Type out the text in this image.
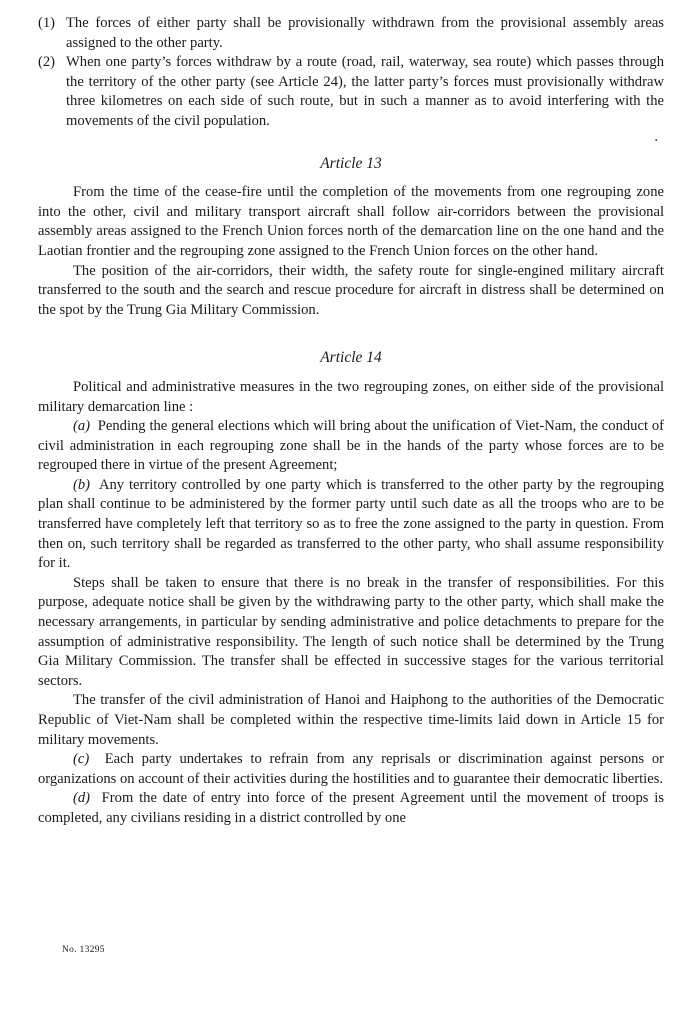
(1) The forces of either party shall be provisionally withdrawn from the provisional assembly areas assigned to the other party.
(2) When one party’s forces withdraw by a route (road, rail, waterway, sea route) which passes through the territory of the other party (see Article 24), the latter party’s forces must provisionally withdraw three kilometres on each side of such route, but in such a manner as to avoid interfering with the movements of the civil population.
.
Article 13

From the time of the cease-fire until the completion of the movements from one regrouping zone into the other, civil and military transport aircraft shall follow air-corridors between the provisional assembly areas assigned to the French Union forces north of the demarcation line on the one hand and the Laotian frontier and the regrouping zone assigned to the French Union forces on the other hand.

The position of the air-corridors, their width, the safety route for single-engined military aircraft transferred to the south and the search and rescue procedure for aircraft in distress shall be determined on the spot by the Trung Gia Military Commission.

Article 14

Political and administrative measures in the two regrouping zones, on either side of the provisional military demarcation line :

(a) Pending the general elections which will bring about the unification of Viet-Nam, the conduct of civil administration in each regrouping zone shall be in the hands of the party whose forces are to be regrouped there in virtue of the present Agreement;

(b) Any territory controlled by one party which is transferred to the other party by the regrouping plan shall continue to be administered by the former party until such date as all the troops who are to be transferred have completely left that territory so as to free the zone assigned to the party in question. From then on, such territory shall be regarded as transferred to the other party, who shall assume responsibility for it.

Steps shall be taken to ensure that there is no break in the transfer of responsibilities. For this purpose, adequate notice shall be given by the withdrawing party to the other party, which shall make the necessary arrangements, in particular by sending administrative and police detachments to prepare for the assumption of administrative responsibility. The length of such notice shall be determined by the Trung Gia Military Commission. The transfer shall be effected in successive stages for the various territorial sectors.

The transfer of the civil administration of Hanoi and Haiphong to the authorities of the Democratic Republic of Viet-Nam shall be completed within the respective time-limits laid down in Article 15 for military movements.

(c) Each party undertakes to refrain from any reprisals or discrimination against persons or organizations on account of their activities during the hostilities and to guarantee their democratic liberties.

(d) From the date of entry into force of the present Agreement until the movement of troops is completed, any civilians residing in a district controlled by one

No. 13295
